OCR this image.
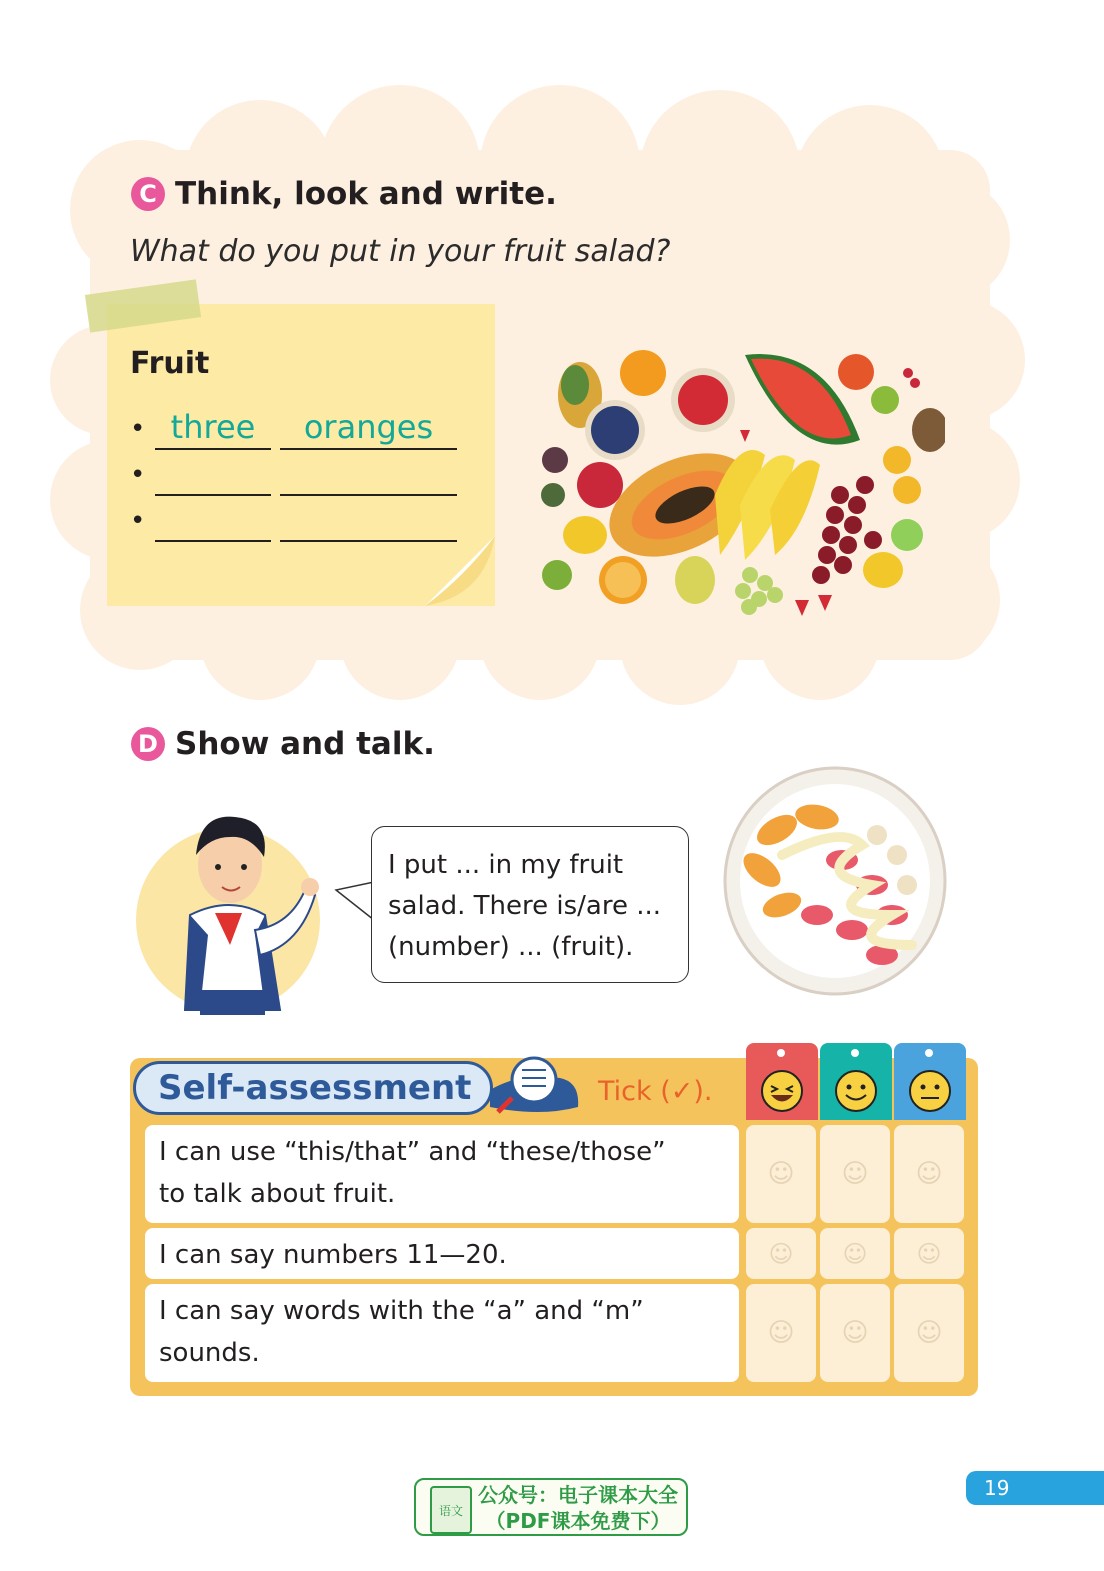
C Think, look and write.
What do you put in your fruit salad?
Fruit
• three	oranges
•
•
D Show and talk.
I put ... in my fruit
salad. There is/are ...
(number) ... (fruit).
Self-assessment	Tick (✓).
I can use “this/that” and “these/those”
to talk about fruit.
I can say numbers 11—20.
I can say words with the “a” and “m”
sounds.
☺ ☺ ☺
☺ ☺ ☺
☺ ☺ ☺
语文
公众号：电子课本大全
（PDF课本免费下）
19
